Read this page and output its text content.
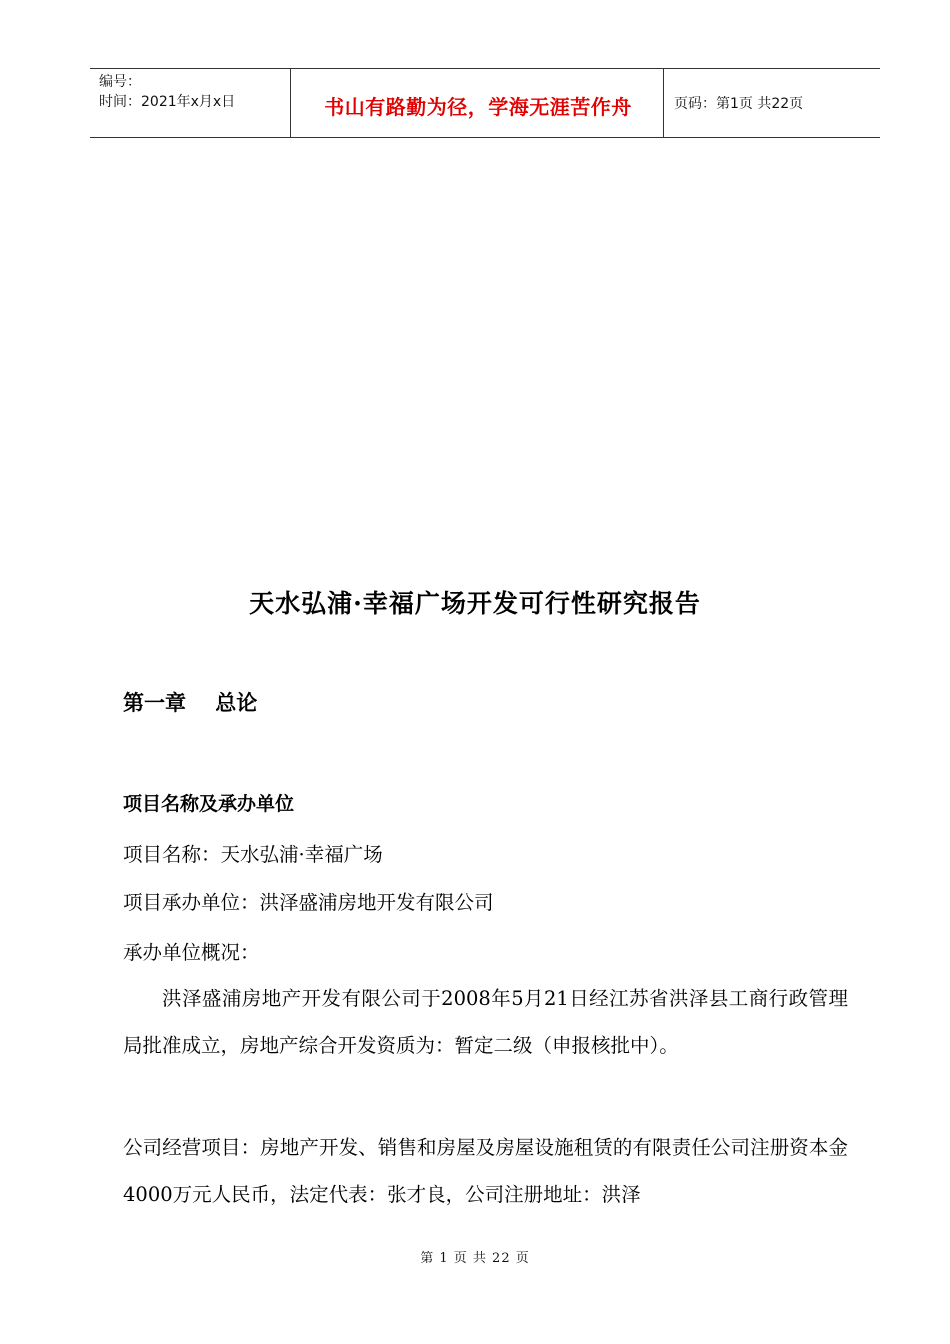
编号：
时间：2021年x月x日	书山有路勤为径，学海无涯苦作舟	页码：第1页 共22页
天水弘浦·幸福广场开发可行性研究报告
第一章    总论
项目名称及承办单位
项目名称：天水弘浦·幸福广场
项目承办单位：洪泽盛浦房地开发有限公司
承办单位概况：
洪泽盛浦房地产开发有限公司于2008年5月21日经江苏省洪泽县工商行政管理局批准成立，房地产综合开发资质为：暂定二级（申报核批中）。
公司经营项目：房地产开发、销售和房屋及房屋设施租赁的有限责任公司注册资本金4000万元人民币，法定代表：张才良，公司注册地址：洪泽
第 1 页 共 22 页
